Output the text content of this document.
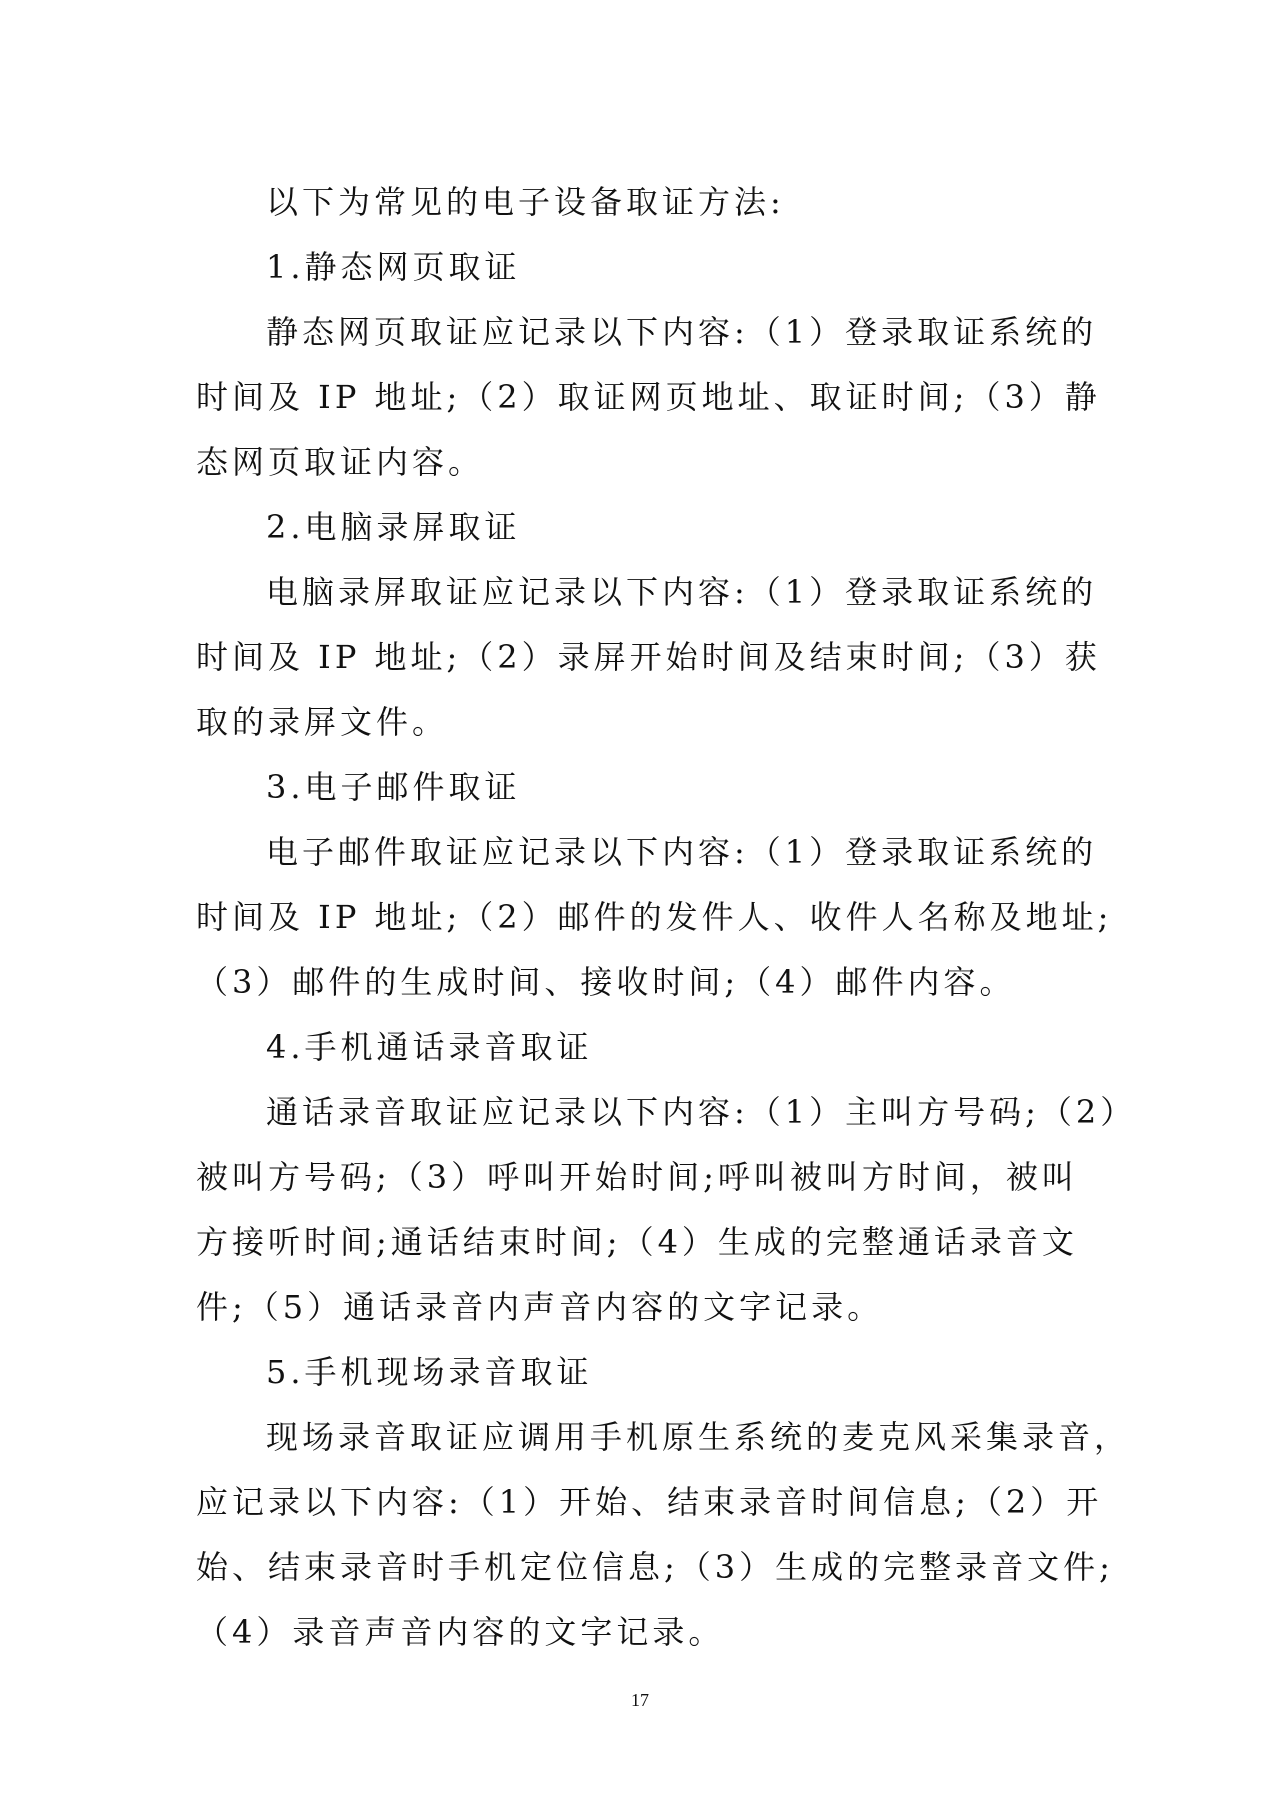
以下为常见的电子设备取证方法:
1.静态网页取证
静态网页取证应记录以下内容:（1）登录取证系统的
时间及 IP 地址;（2）取证网页地址、取证时间;（3）静
态网页取证内容。
2.电脑录屏取证
电脑录屏取证应记录以下内容:（1）登录取证系统的
时间及 IP 地址;（2）录屏开始时间及结束时间;（3）获
取的录屏文件。
3.电子邮件取证
电子邮件取证应记录以下内容:（1）登录取证系统的
时间及 IP 地址;（2）邮件的发件人、收件人名称及地址;
（3）邮件的生成时间、接收时间;（4）邮件内容。
4.手机通话录音取证
通话录音取证应记录以下内容:（1）主叫方号码;（2）
被叫方号码;（3）呼叫开始时间;呼叫被叫方时间，被叫
方接听时间;通话结束时间;（4）生成的完整通话录音文
件;（5）通话录音内声音内容的文字记录。
5.手机现场录音取证
现场录音取证应调用手机原生系统的麦克风采集录音，
应记录以下内容:（1）开始、结束录音时间信息;（2）开
始、结束录音时手机定位信息;（3）生成的完整录音文件;
（4）录音声音内容的文字记录。
17
